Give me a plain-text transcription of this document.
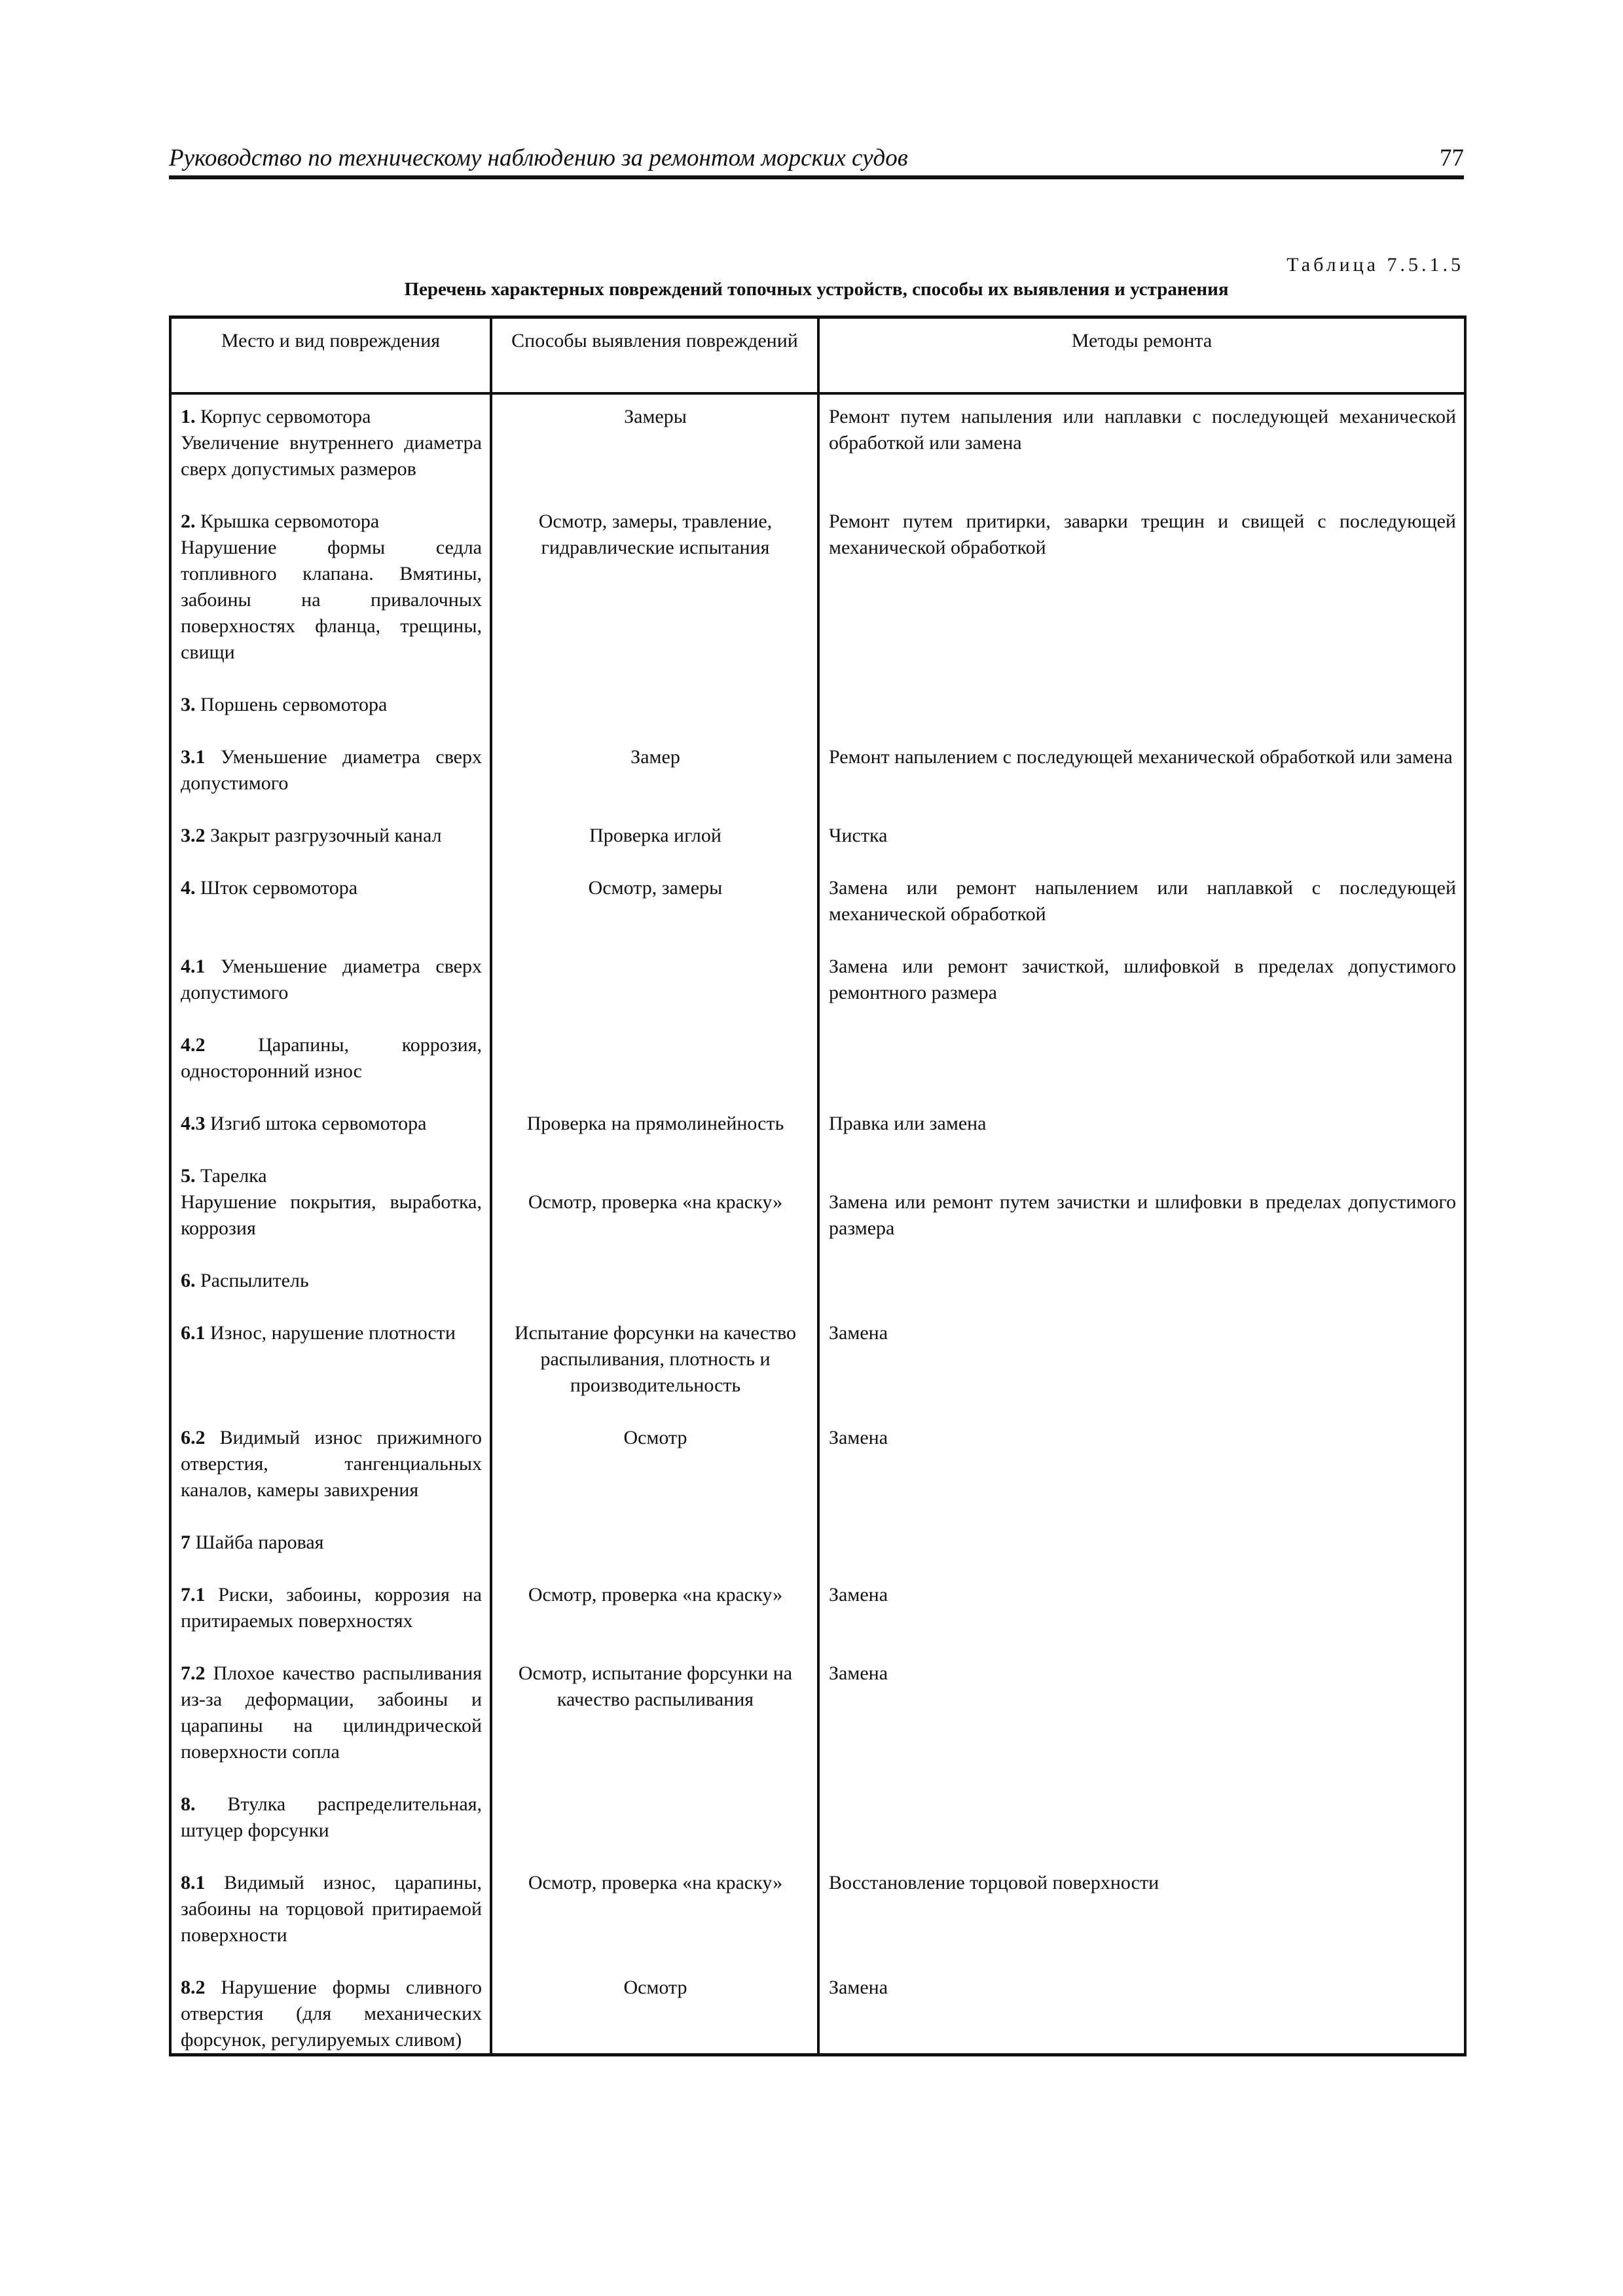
Руководство по техническому наблюдению за ремонтом морских судов	77
Таблица 7.5.1.5
Перечень характерных повреждений топочных устройств, способы их выявления и устранения
Место и вид повреждения	Способы выявления повреждений	Методы ремонта
1. Корпус сервомотора
Увеличение внутреннего диаметра сверх допустимых размеров	Замеры	Ремонт путем напыления или наплавки с последующей механической обработкой или замена

2. Крышка сервомотора
Нарушение формы седла топливного клапана. Вмятины, забоины на привалочных поверхностях фланца, трещины, свищи	Осмотр, замеры, травление, гидравлические испытания	Ремонт путем притирки, заварки трещин и свищей с последующей механической обработкой

3. Поршень сервомотора		

3.1 Уменьшение диаметра сверх допустимого	Замер	Ремонт напылением с последующей механической обработкой или замена

3.2 Закрыт разгрузочный канал	Проверка иглой	Чистка

4. Шток сервомотора	Осмотр, замеры	Замена или ремонт напылением или наплавкой с последующей механической обработкой

4.1 Уменьшение диаметра сверх допустимого		Замена или ремонт зачисткой, шлифовкой в пределах допустимого ремонтного размера

4.2 Царапины, коррозия, односторонний износ		

4.3 Изгиб штока сервомотора	Проверка на прямолинейность	Правка или замена

5. Тарелка		
Нарушение покрытия, выработка, коррозия	Осмотр, проверка «на краску»	Замена или ремонт путем зачистки и шлифовки в пределах допустимого размера

6. Распылитель		

6.1 Износ, нарушение плотности	Испытание форсунки на качество распыливания, плотность и производительность	Замена

6.2 Видимый износ прижимного отверстия, тангенциальных каналов, камеры завихрения	Осмотр	Замена

7 Шайба паровая		

7.1 Риски, забоины, коррозия на притираемых поверхностях	Осмотр, проверка «на краску»	Замена

7.2 Плохое качество распыливания из-за деформации, забоины и царапины на цилиндрической поверхности сопла	Осмотр, испытание форсунки на качество распыливания	Замена

8. Втулка распределительная, штуцер форсунки		

8.1 Видимый износ, царапины, забоины на торцовой притираемой поверхности	Осмотр, проверка «на краску»	Восстановление торцовой поверхности

8.2 Нарушение формы сливного отверстия (для механических форсунок, регулируемых сливом)	Осмотр	Замена
